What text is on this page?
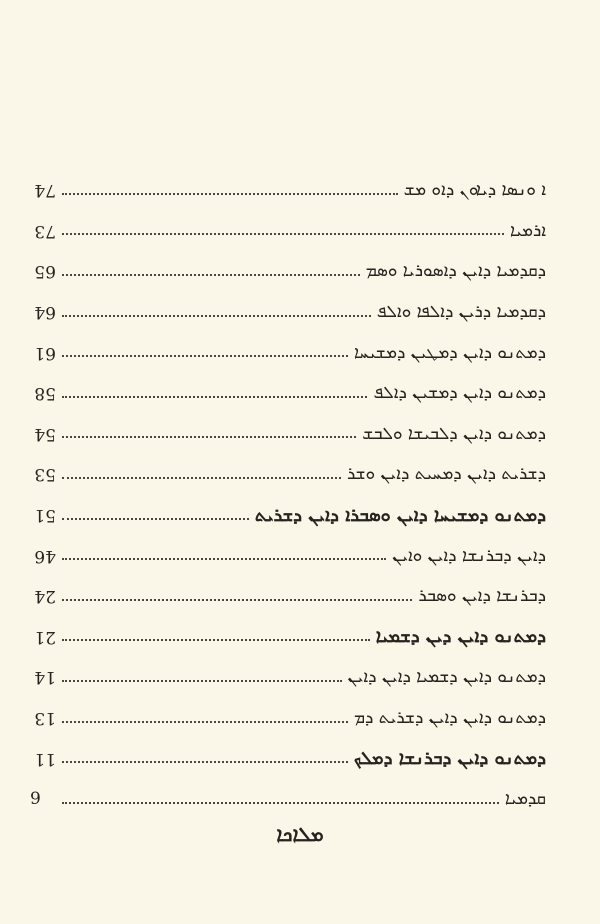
74	ܐ ܘܢܣܐ ܕܝܐܘܢ ܕܐܘ ܡܫ
73	ܐܪܡܝܐ
65	ܕܩܕܡܝܐ ܕܐܝܢ ܕܐܣܘܪܝܐ ܘܣܡ
64	ܕܩܕܡܝܐ ܕܪܝܢ ܕܐܠܦܐ ܘܐܠܦ
61	ܕܡܬܢܘ ܕܐܝܢ ܕܡܛܝܢ ܕܡܫܝܚܐ
58	ܕܡܬܢܘ ܕܐܝܢ ܕܡܫܝܢ ܕܐܠܦ
54	ܕܡܬܢܘ ܕܐܝܢ ܕܠܒܝܫܐ ܘܠܒܫ
53	ܕܫܪܝܬ ܕܐܝܢ ܕܡܚܝܬ ܕܐܝܢ ܘܫܪ
51	ܕܡܬܢܘ ܕܡܫܝܚܐ ܕܐܝܢ ܘܣܒܪܐ ܕܐܝܢ ܕܫܪܝܬ
46	ܕܐܝܢ ܕܒܪܢܫܐ ܕܐܝܢ ܘܐܝܢ
24	ܕܒܪܢܫܐ ܕܐܝܢ ܘܣܒܪ
21	ܕܡܬܢܘ ܕܐܝܢ ܕܝܢ ܕܫܡܝܐ
14	ܕܡܬܢܘ ܕܐܝܢ ܕܫܡܝܐ ܕܐܝܢ ܕܐܝܢ
13	ܕܡܬܢܘ ܕܐܝܢ ܕܐܝܢ ܕܫܪܝܬ ܕܡ
11	ܕܡܬܢܘ ܕܐܝܢ ܕܒܪܢܫܐ ܕܡܠܟ
9	ܩܕܡܝܐ
ܡܠܐܟܐ
